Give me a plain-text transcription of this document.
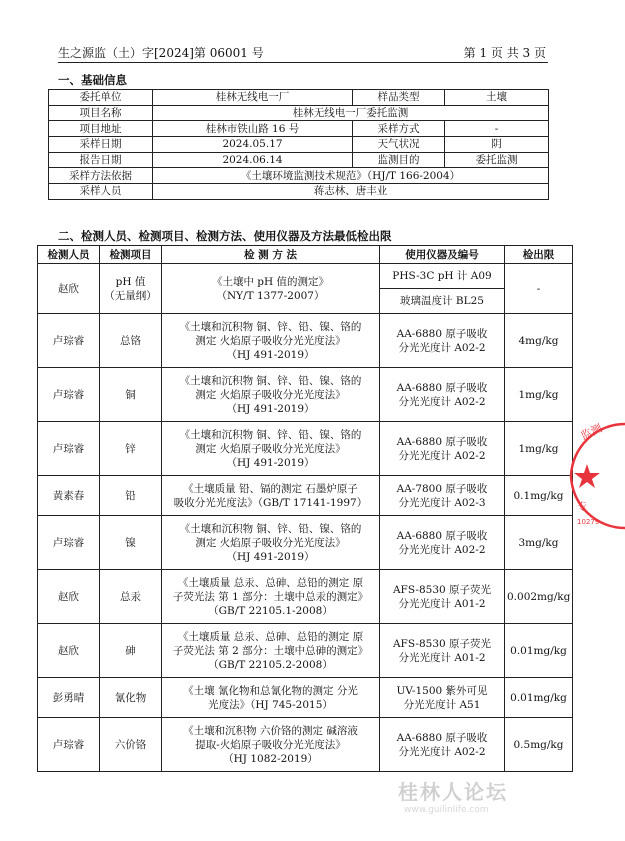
生之源监（土）字[2024]第 06001 号	第 1 页 共 3 页
一、基础信息
委托单位	桂林无线电一厂	样品类型	土壤
项目名称	桂林无线电一厂委托监测		
项目地址	桂林市铁山路 16 号	采样方式	-
采样日期	2024.05.17	天气状况	阴
报告日期	2024.06.14	监测目的	委托监测
采样方法依据	《土壤环境监测技术规范》（HJ/T 166-2004）		
采样人员	蒋志林、唐丰业		
二、检测人员、检测项目、检测方法、使用仪器及方法最低检出限
检测人员	检测项目	检 测 方 法	使用仪器及编号	检出限
赵欣	pH 值
（无量纲）	《土壤中 pH 值的测定》
（NY/T 1377-2007）	PHS-3C pH 计 A09	-
			玻璃温度计 BL25	
卢琮睿	总铬	《土壤和沉积物 铜、锌、铅、镍、铬的
测定 火焰原子吸收分光光度法》
（HJ 491-2019）	AA-6880 原子吸收
分光光度计 A02-2	4mg/kg
卢琮睿	铜	《土壤和沉积物 铜、锌、铅、镍、铬的
测定 火焰原子吸收分光光度法》
（HJ 491-2019）	AA-6880 原子吸收
分光光度计 A02-2	1mg/kg
卢琮睿	锌	《土壤和沉积物 铜、锌、铅、镍、铬的
测定 火焰原子吸收分光光度法》
（HJ 491-2019）	AA-6880 原子吸收
分光光度计 A02-2	1mg/kg
黄素春	铅	《土壤质量 铅、镉的测定 石墨炉原子
吸收分光光度法》（GB/T 17141-1997）	AA-7800 原子吸收
分光光度计 A02-3	0.1mg/kg
卢琮睿	镍	《土壤和沉积物 铜、锌、铅、镍、铬的
测定 火焰原子吸收分光光度法》
（HJ 491-2019）	AA-6880 原子吸收
分光光度计 A02-2	3mg/kg
赵欣	总汞	《土壤质量 总汞、总砷、总铅的测定 原
子荧光法 第 1 部分：土壤中总汞的测定》
（GB/T 22105.1-2008）	AFS-8530 原子荧光
分光光度计 A01-2	0.002mg/kg
赵欣	砷	《土壤质量 总汞、总砷、总铅的测定 原
子荧光法 第 2 部分：土壤中总砷的测定》
（GB/T 22105.2-2008）	AFS-8530 原子荧光
分光光度计 A01-2	0.01mg/kg
彭勇晴	氰化物	《土壤 氰化物和总氰化物的测定 分光
光度法》（HJ 745-2015）	UV-1500 紫外可见
分光光度计 A51	0.01mg/kg
卢琮睿	六价铬	《土壤和沉积物 六价铬的测定 碱溶液
提取-火焰原子吸收分光光度法》
（HJ 1082-2019）	AA-6880 原子吸收
分光光度计 A02-2	0.5mg/kg
监测
专
10279
桂林人论坛
www.guilinlife.com
